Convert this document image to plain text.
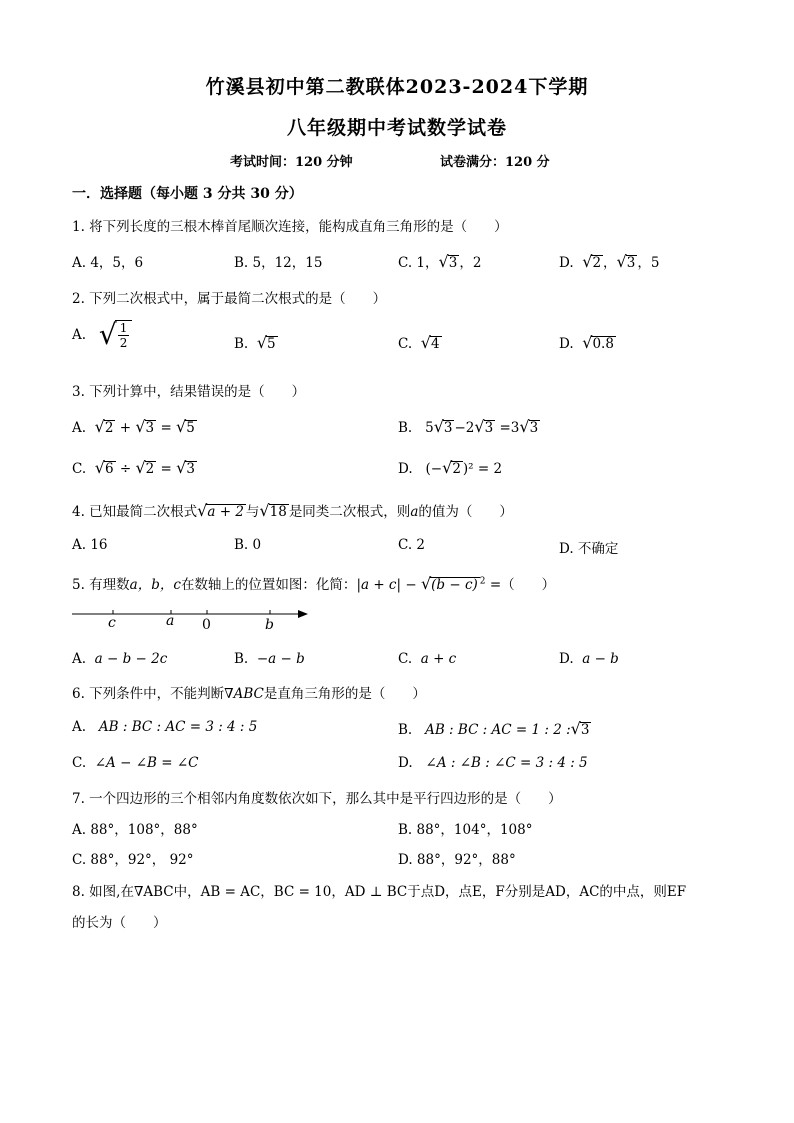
竹溪县初中第二教联体2023-2024下学期
八年级期中考试数学试卷
考试时间：120 分钟	试卷满分：120 分
一．选择题（每小题 3 分共 30 分）
1. 将下列长度的三根木棒首尾顺次连接，能构成直角三角形的是（　　）
A. 4，5，6	B. 5，12，15	C. 1，√3 ，2	D. √2 ，√3 ，5
2. 下列二次根式中，属于最简二次根式的是（　　）
A. √ $\frac{1}{2}$	B. √5	C. √4	D. √0.8
3. 下列计算中，结果错误的是（　　）
A. √2 + √3 = √5	B. 5√3 −2√3 =3√3
C. √6 ÷ √2 = √3	D. (−√2 )² = 2
4. 已知最简二次根式√a + 2 与√18 是同类二次根式，则a的值为（　　）
A. 16	B. 0	C. 2	D. 不确定
5. 有理数a，b，c在数轴上的位置如图：化简：|a + c| − √(b − c) $^2$ =（　　）
c	a 0	b
A. a − b − 2c	B. −a − b	C. a + c	D. a − b
6. 下列条件中，不能判断∇ABC是直角三角形的是（　　）
A. AB : BC : AC = 3 : 4 : 5	B. AB : BC : AC = 1 : 2 :√3
C. ∠A − ∠B = ∠C	D. ∠A : ∠B : ∠C = 3 : 4 : 5
7. 一个四边形的三个相邻内角度数依次如下，那么其中是平行四边形的是（　　）
A. 88°，108°，88°	B. 88°，104°，108°
C. 88°，92°， 92°	D. 88°，92°，88°
8. 如图,在∇ABC中，AB = AC，BC = 10，AD ⊥ BC于点D，点E，F分别是AD，AC的中点，则EF
的长为（　　）
